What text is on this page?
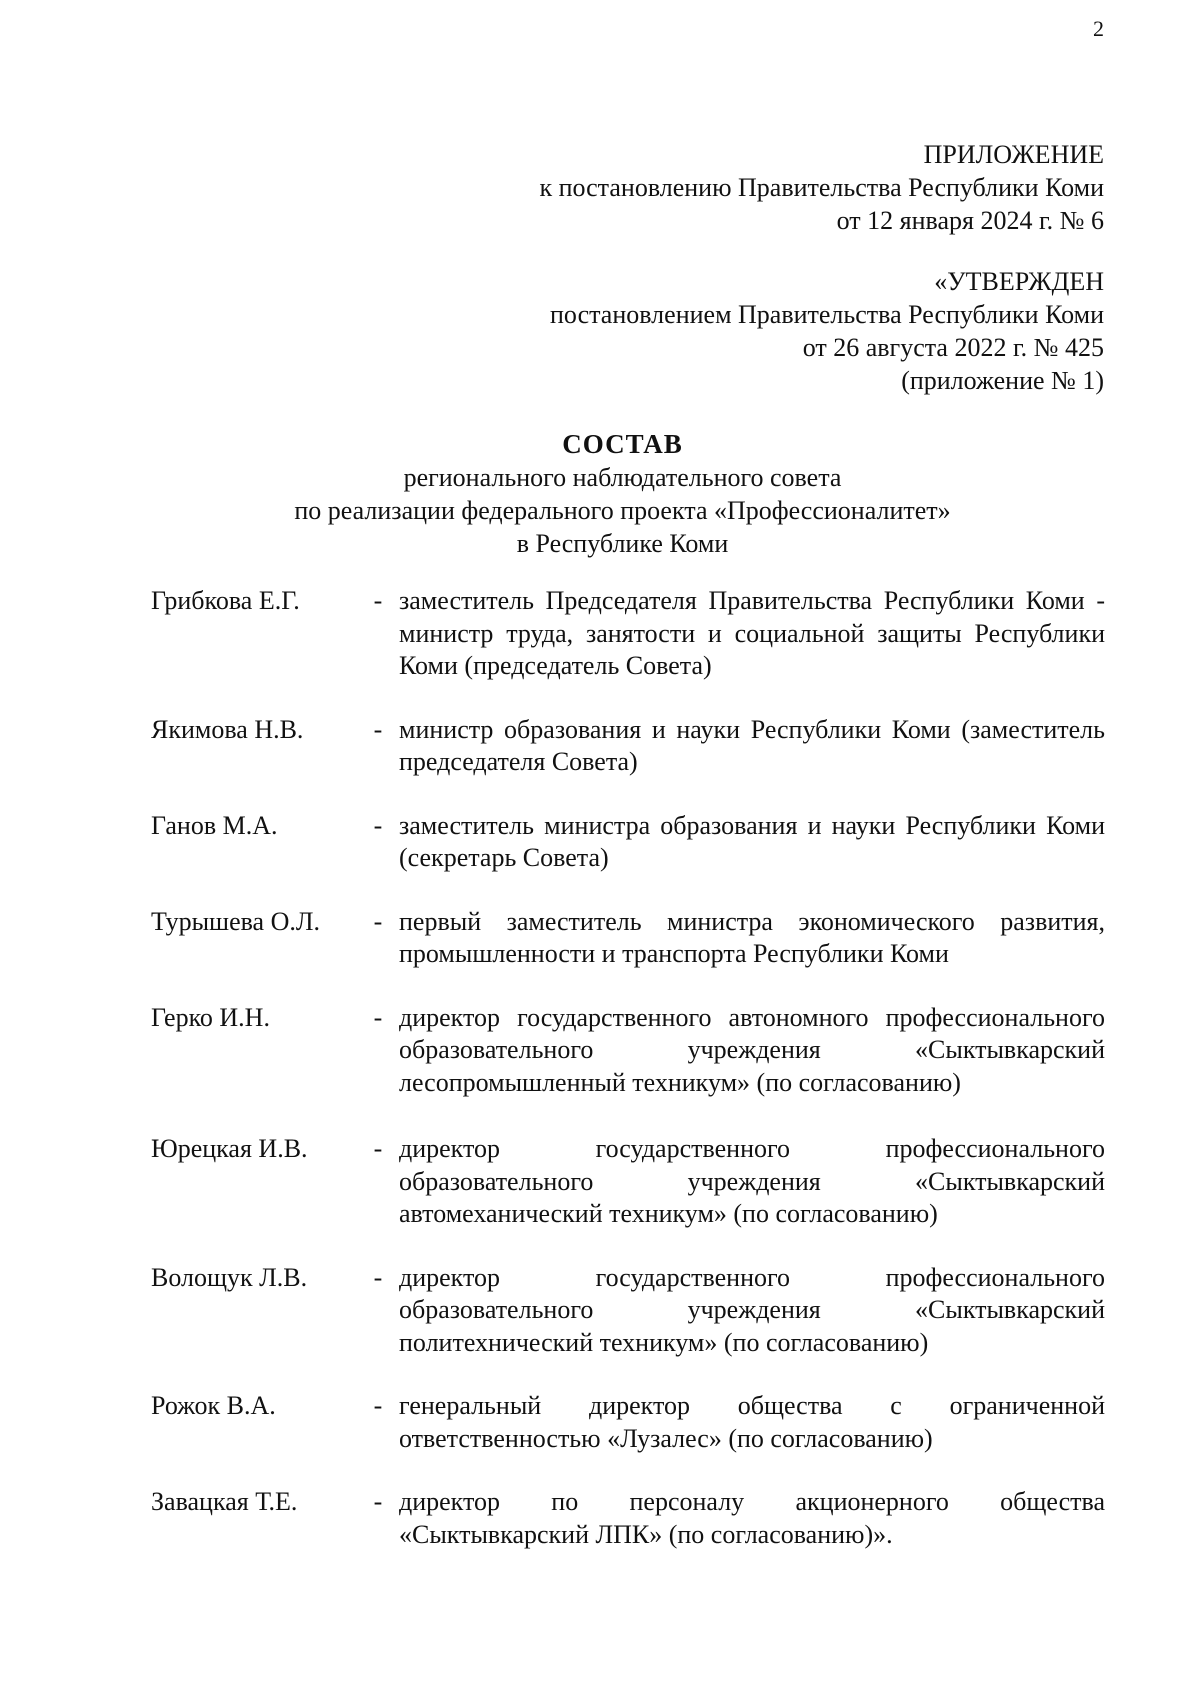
2
ПРИЛОЖЕНИЕ
к постановлению Правительства Республики Коми
от 12 января 2024 г. № 6
«УТВЕРЖДЕН
постановлением Правительства Республики Коми
от 26 августа 2022 г. № 425
(приложение № 1)
СОСТАВ
регионального наблюдательного совета
по реализации федерального проекта «Профессионалитет»
в Республике Коми
Грибкова Е.Г.	- заместитель Председателя Правительства Республики Коми - министр труда, занятости и социальной защиты Республики Коми (председатель Совета)
Якимова Н.В.	- министр образования и науки Республики Коми (заместитель председателя Совета)
Ганов М.А.	- заместитель министра образования и науки Республики Коми (секретарь Совета)
Турышева О.Л.	- первый заместитель министра экономического развития, промышленности и транспорта Республики Коми
Герко И.Н.	- директор государственного автономного профессионального образовательного учреждения «Сыктывкарский лесопромышленный техникум» (по согласованию)
Юрецкая И.В.	- директор государственного профессионального образовательного учреждения «Сыктывкарский автомеханический техникум» (по согласованию)
Волощук Л.В.	- директор государственного профессионального образовательного учреждения «Сыктывкарский политехнический техникум» (по согласованию)
Рожок В.А.	- генеральный директор общества с ограниченной ответственностью «Лузалес» (по согласованию)
Завацкая Т.Е.	- директор по персоналу акционерного общества «Сыктывкарский ЛПК» (по согласованию)».
